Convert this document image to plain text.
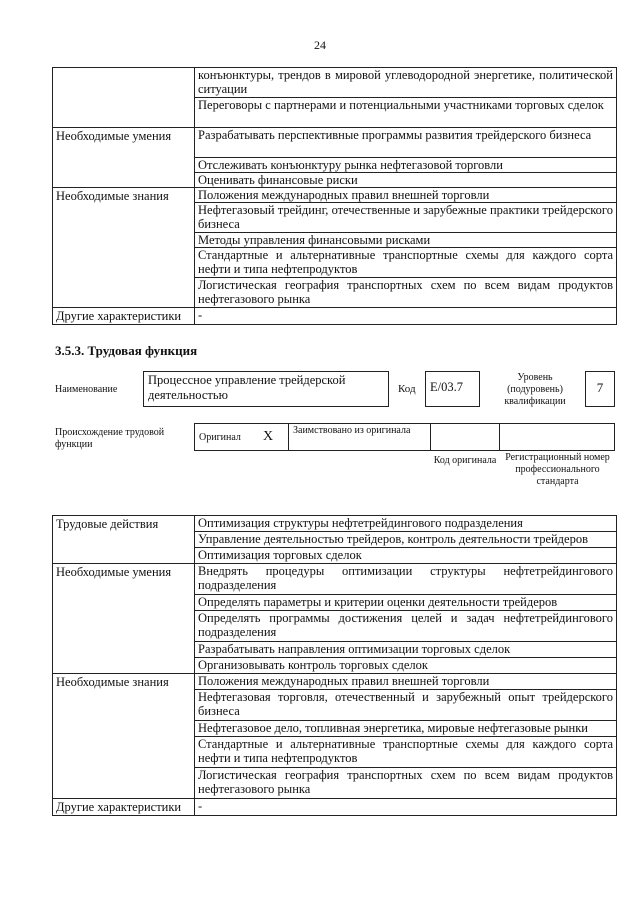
24
	конъюнктуры, трендов в мировой углеводородной энергетике, политической ситуации
	Переговоры с партнерами и потенциальными участниками торговых сделок
Необходимые умения	Разрабатывать перспективные программы развития трейдерского бизнеса
	Отслеживать конъюнктуру рынка нефтегазовой торговли
	Оценивать финансовые риски
Необходимые знания	Положения международных правил внешней торговли
	Нефтегазовый трейдинг, отечественные и зарубежные практики трейдерского бизнеса
	Методы управления финансовыми рисками
	Стандартные и альтернативные транспортные схемы для каждого сорта нефти и типа нефтепродуктов
	Логистическая география транспортных схем по всем видам продуктов нефтегазового рынка
Другие характеристики	-
3.5.3. Трудовая функция
Наименование
Процессное управление трейдерской деятельностью	Код	E/03.7
Уровень (подуровень) квалификации
7
Происхождение трудовой функции
Оригинал X Заимствовано из оригинала
Код оригинала Регистрационный номер профессионального стандарта
Трудовые действия	Оптимизация структуры нефтетрейдингового подразделения
	Управление деятельностью трейдеров, контроль деятельности трейдеров
	Оптимизация торговых сделок
Необходимые умения	Внедрять процедуры оптимизации структуры нефтетрейдингового подразделения
	Определять параметры и критерии оценки деятельности трейдеров
	Определять программы достижения целей и задач нефтетрейдингового подразделения
	Разрабатывать направления оптимизации торговых сделок
	Организовывать контроль торговых сделок
Необходимые знания	Положения международных правил внешней торговли
	Нефтегазовая торговля, отечественный и зарубежный опыт трейдерского бизнеса
	Нефтегазовое дело, топливная энергетика, мировые нефтегазовые рынки
	Стандартные и альтернативные транспортные схемы для каждого сорта нефти и типа нефтепродуктов
	Логистическая география транспортных схем по всем видам продуктов нефтегазового рынка
Другие характеристики	-
